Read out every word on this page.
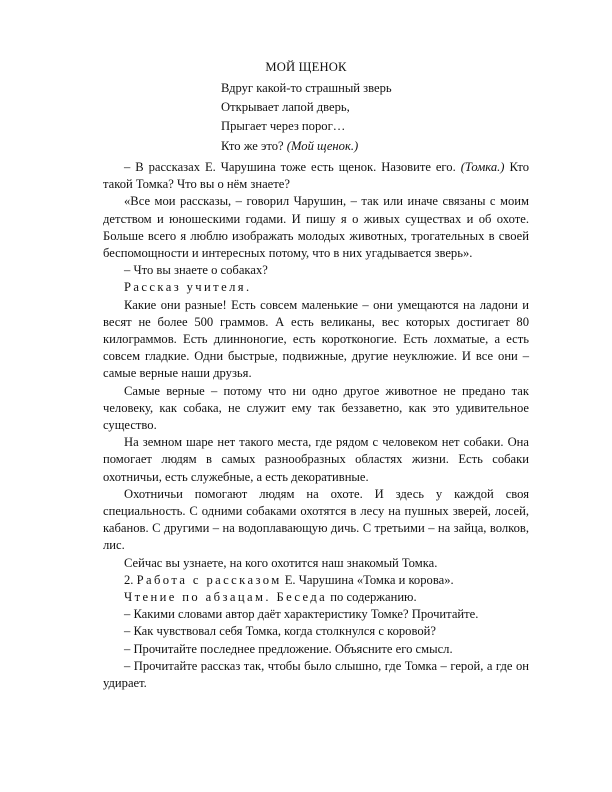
МОЙ ЩЕНОК
Вдруг какой-то страшный зверь
Открывает лапой дверь,
Прыгает через порог…
Кто же это? (Мой щенок.)

– В рассказах Е. Чарушина тоже есть щенок. Назовите его. (Томка.) Кто такой Томка? Что вы о нём знаете?

«Все мои рассказы, – говорил Чарушин, – так или иначе связаны с моим детством и юношескими годами. И пишу я о живых существах и об охоте. Больше всего я люблю изображать молодых животных, трогательных в своей беспомощности и интересных потому, что в них угадывается зверь».

– Что вы знаете о собаках?

Рассказ учителя.

Какие они разные! Есть совсем маленькие – они умещаются на ладони и весят не более 500 граммов. А есть великаны, вес которых достигает 80 килограммов. Есть длинноногие, есть коротконогие. Есть лохматые, а есть совсем гладкие. Одни быстрые, подвижные, другие неуклюжие. И все они – самые верные наши друзья.

Самые верные – потому что ни одно другое животное не предано так человеку, как собака, не служит ему так беззаветно, как это удивительное существо.

На земном шаре нет такого места, где рядом с человеком нет собаки. Она помогает людям в самых разнообразных областях жизни. Есть собаки охотничьи, есть служебные, а есть декоративные.

Охотничьи помогают людям на охоте. И здесь у каждой своя специальность. С одними собаками охотятся в лесу на пушных зверей, лосей, кабанов. С другими – на водоплавающую дичь. С третьими – на зайца, волков, лис.

Сейчас вы узнаете, на кого охотится наш знакомый Томка.

2. Работа с рассказом Е. Чарушина «Томка и корова».

Чтение по абзацам. Беседа по содержанию.

– Какими словами автор даёт характеристику Томке? Прочитайте.

– Как чувствовал себя Томка, когда столкнулся с коровой?

– Прочитайте последнее предложение. Объясните его смысл.

– Прочитайте рассказ так, чтобы было слышно, где Томка – герой, а где он удирает.
